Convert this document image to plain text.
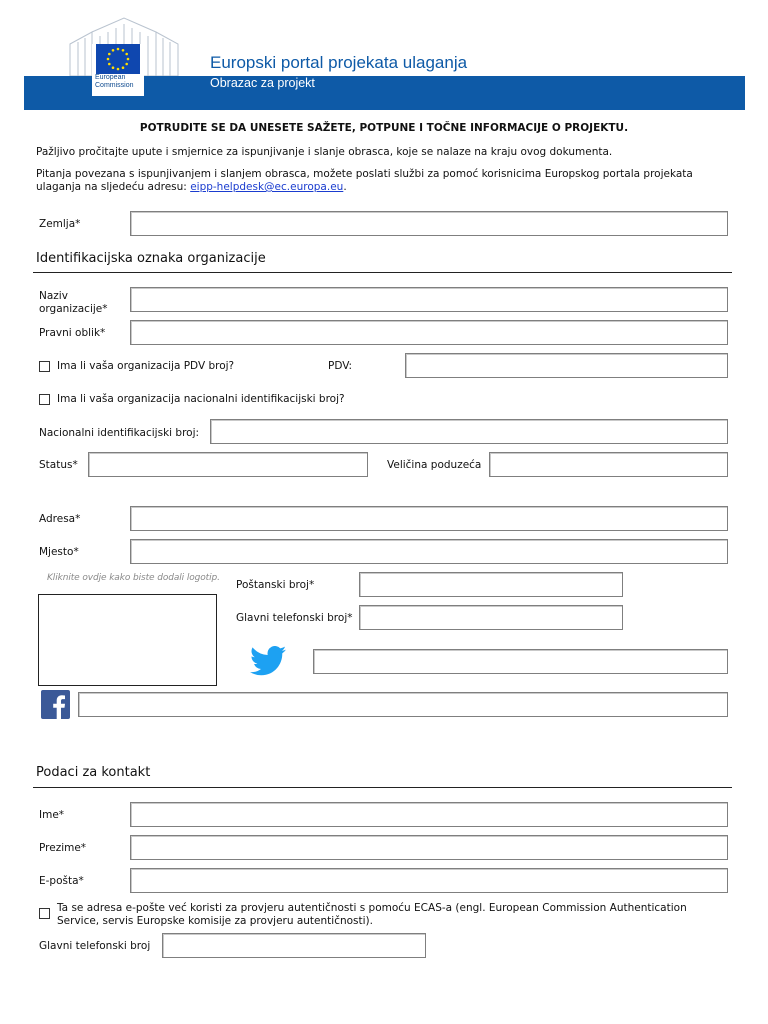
European Commission
Europski portal projekata ulaganja
Obrazac za projekt
POTRUDITE SE DA UNESETE SAŽETE, POTPUNE I TOČNE INFORMACIJE O PROJEKTU.
Pažljivo pročitajte upute i smjernice za ispunjivanje i slanje obrasca, koje se nalaze na kraju ovog dokumenta.
Pitanja povezana s ispunjivanjem i slanjem obrasca, možete poslati službi za pomoć korisnicima Europskog portala projekata ulaganja na sljedeću adresu: eipp-helpdesk@ec.europa.eu.
Zemlja*
Identifikacijska oznaka organizacije
Naziv organizacije*
Pravni oblik*
Ima li vaša organizacija PDV broj?	PDV:
Ima li vaša organizacija nacionalni identifikacijski broj?
Nacionalni identifikacijski broj:
Status*	Veličina poduzeća
Adresa*
Mjesto*
Kliknite ovdje kako biste dodali logotip.
Poštanski broj*
Glavni telefonski broj*
Podaci za kontakt
Ime*
Prezime*
E-pošta*
Ta se adresa e-pošte već koristi za provjeru autentičnosti s pomoću ECAS-a (engl. European Commission Authentication Service, servis Europske komisije za provjeru autentičnosti).
Glavni telefonski broj
